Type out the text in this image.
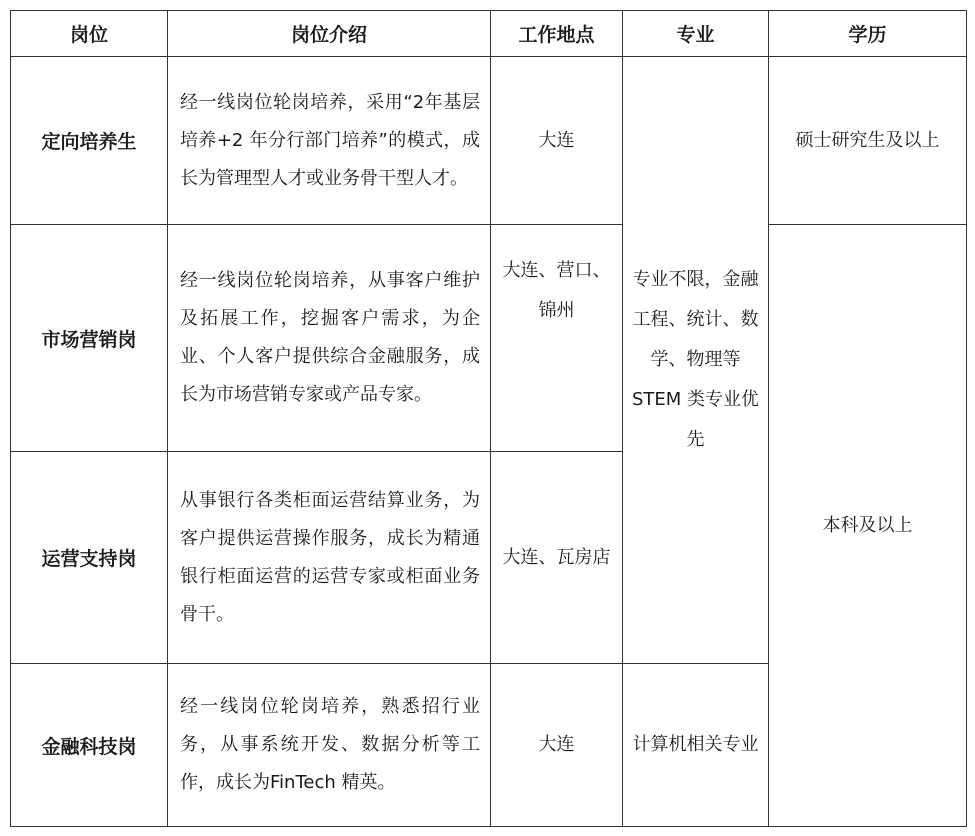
岗位	岗位介绍	工作地点	专业	学历
定向培养生	经一线岗位轮岗培养，采用“2年基层培养+2 年分行部门培养”的模式，成长为管理型人才或业务骨干型人才。	大连	专业不限，金融工程、统计、数学、物理等 STEM 类专业优先	硕士研究生及以上
市场营销岗	经一线岗位轮岗培养，从事客户维护及拓展工作，挖掘客户需求，为企业、个人客户提供综合金融服务，成长为市场营销专家或产品专家。	大连、营口、锦州		本科及以上
运营支持岗	从事银行各类柜面运营结算业务，为客户提供运营操作服务，成长为精通银行柜面运营的运营专家或柜面业务骨干。	大连、瓦房店		
金融科技岗	经一线岗位轮岗培养，熟悉招行业务，从事系统开发、数据分析等工作，成长为FinTech 精英。	大连	计算机相关专业	
